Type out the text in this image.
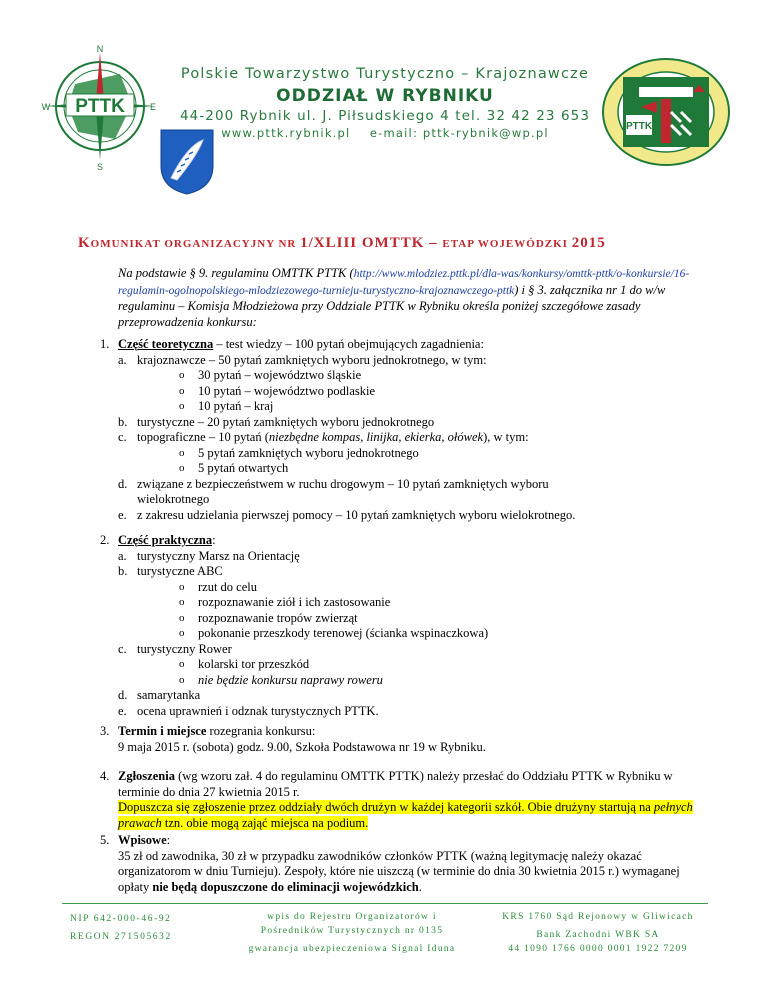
PTTK
N
E
S
W
Polskie Towarzystwo Turystyczno – Krajoznawcze
ODDZIAŁ W RYBNIKU
44-200 Rybnik ul. J. Piłsudskiego 4 tel. 32 42 23 653
www.pttk.rybnik.pl e-mail: pttk-rybnik@wp.pl	PTTK
KOMUNIKAT ORGANIZACYJNY NR 1/XLIII OMTTK – ETAP WOJEWÓDZKI 2015
Na podstawie § 9. regulaminu OMTTK PTTK (http://www.mlodziez.pttk.pl/dla-was/konkursy/omttk-pttk/o-konkursie/16-regulamin-ogolnopolskiego-mlodziezowego-turnieju-turystyczno-krajoznawczego-pttk) i § 3. załącznika nr 1 do w/w regulaminu – Komisja Młodzieżowa przy Oddziale PTTK w Rybniku określa poniżej szczegółowe zasady przeprowadzenia konkursu:
1. Część teoretyczna – test wiedzy – 100 pytań obejmujących zagadnienia:
a. krajoznawcze – 50 pytań zamkniętych wyboru jednokrotnego, w tym:
o 30 pytań – województwo śląskie
o 10 pytań – województwo podlaskie
o 10 pytań – kraj
b. turystyczne – 20 pytań zamkniętych wyboru jednokrotnego
c. topograficzne – 10 pytań (niezbędne kompas, linijka, ekierka, ołówek), w tym:
o 5 pytań zamkniętych wyboru jednokrotnego
o 5 pytań otwartych
d. związane z bezpieczeństwem w ruchu drogowym – 10 pytań zamkniętych wyboru wielokrotnego
e. z zakresu udzielania pierwszej pomocy – 10 pytań zamkniętych wyboru wielokrotnego.
2. Część praktyczna:
a. turystyczny Marsz na Orientację
b. turystyczne ABC
o rzut do celu
o rozpoznawanie ziół i ich zastosowanie
o rozpoznawanie tropów zwierząt
o pokonanie przeszkody terenowej (ścianka wspinaczkowa)
c. turystyczny Rower
o kolarski tor przeszkód
o nie będzie konkursu naprawy roweru
d. samarytanka
e. ocena uprawnień i odznak turystycznych PTTK.
3. Termin i miejsce rozegrania konkursu:
9 maja 2015 r. (sobota) godz. 9.00, Szkoła Podstawowa nr 19 w Rybniku.
4. Zgłoszenia (wg wzoru zał. 4 do regulaminu OMTTK PTTK) należy przesłać do Oddziału PTTK w Rybniku w terminie do dnia 27 kwietnia 2015 r.
Dopuszcza się zgłoszenie przez oddziały dwóch drużyn w każdej kategorii szkół. Obie drużyny startują na pełnych prawach tzn. obie mogą zająć miejsca na podium.
5. Wpisowe:
35 zł od zawodnika, 30 zł w przypadku zawodników członków PTTK (ważną legitymację należy okazać organizatorom w dniu Turnieju). Zespoły, które nie uiszczą (w terminie do dnia 30 kwietnia 2015 r.) wymaganej opłaty nie będą dopuszczone do eliminacji wojewódzkich.
NIP 642-000-46-92
REGON 271505632
wpis do Rejestru Organizatorów i
Pośredników Turystycznych nr 0135
gwarancja ubezpieczeniowa Signal Iduna
KRS 1760 Sąd Rejonowy w Gliwicach
Bank Zachodni WBK SA
44 1090 1766 0000 0001 1922 7209
